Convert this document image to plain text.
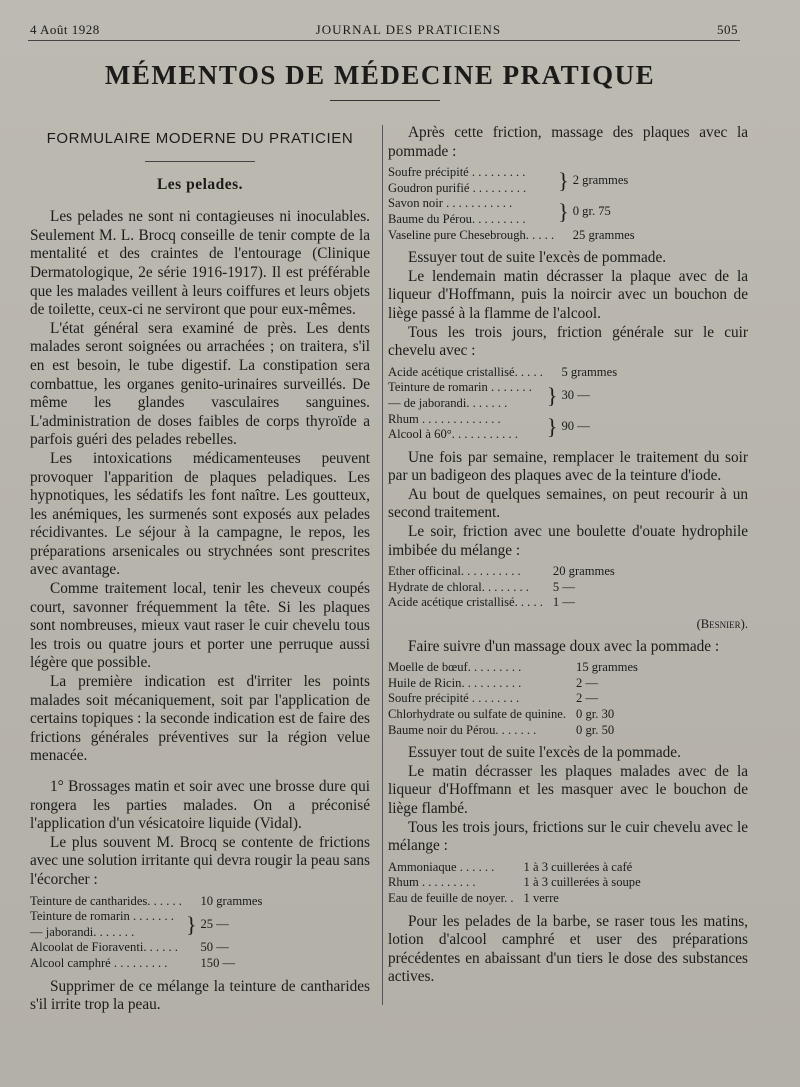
4 Août 1928	JOURNAL DES PRATICIENS	505
MÉMENTOS DE MÉDECINE PRATIQUE
FORMULAIRE MODERNE DU PRATICIEN
Les pelades.

Les pelades ne sont ni contagieuses ni inoculables. Seulement M. L. Brocq conseille de tenir compte de la mentalité et des craintes de l'entourage (Clinique Dermatologique, 2e série 1916-1917). Il est préférable que les malades veillent à leurs coiffures et leurs objets de toilette, ceux-ci ne serviront que pour eux-mêmes.

L'état général sera examiné de près. Les dents malades seront soignées ou arrachées ; on traitera, s'il en est besoin, le tube digestif. La constipation sera combattue, les organes genito-urinaires surveillés. De même les glandes vasculaires sanguines. L'administration de doses faibles de corps thyroïde a parfois guéri des pelades rebelles.

Les intoxications médicamenteuses peuvent provoquer l'apparition de plaques peladiques. Les hypnotiques, les sédatifs les font naître. Les goutteux, les anémiques, les surmenés sont exposés aux pelades récidivantes. Le séjour à la campagne, le repos, les préparations arsenicales ou strychnées sont prescrites avec avantage.

Comme traitement local, tenir les cheveux coupés court, savonner fréquemment la tête. Si les plaques sont nombreuses, mieux vaut raser le cuir chevelu tous les trois ou quatre jours et porter une perruque aussi légère que possible.

La première indication est d'irriter les points malades soit mécaniquement, soit par l'application de certains topiques : la seconde indication est de faire des frictions générales préventives sur la région velue menacée.

1° Brossages matin et soir avec une brosse dure qui rongera les parties malades. On a préconisé l'application d'un vésicatoire liquide (Vidal).

Le plus souvent M. Brocq se contente de frictions avec une solution irritante qui devra rougir la peau sans l'écorcher :

Teinture de cantharides. . . . . .		10 grammes
Teinture de romarin . . . . . . .	}	25 —
— jaborandi. . . . . . .		
Alcoolat de Fioraventi. . . . . .		50 —
Alcool camphré . . . . . . . . .		150 —

Supprimer de ce mélange la teinture de cantharides s'il irrite trop la peau.

Après cette friction, massage des plaques avec la pommade :

Soufre précipité . . . . . . . . .	}	2 grammes
Goudron purifié . . . . . . . . .		
Savon noir . . . . . . . . . . .	}	0 gr. 75
Baume du Pérou. . . . . . . . .		
Vaseline pure Chesebrough. . . . .		25 grammes

Essuyer tout de suite l'excès de pommade.

Le lendemain matin décrasser la plaque avec de la liqueur d'Hoffmann, puis la noircir avec un bouchon de liège passé à la flamme de l'alcool.

Tous les trois jours, friction générale sur le cuir chevelu avec :

Acide acétique cristallisé. . . . .		5 grammes
Teinture de romarin . . . . . . .	}	30 —
— de jaborandi. . . . . . .		
Rhum . . . . . . . . . . . . .	}	90 —
Alcool à 60°. . . . . . . . . . .		

Une fois par semaine, remplacer le traitement du soir par un badigeon des plaques avec de la teinture d'iode.

Au bout de quelques semaines, on peut recourir à un second traitement.

Le soir, friction avec une boulette d'ouate hydrophile imbibée du mélange :

Ether officinal. . . . . . . . . .		20 grammes
Hydrate de chloral. . . . . . . .		5 —
Acide acétique cristallisé. . . . .		1 —
(Besnier).

Faire suivre d'un massage doux avec la pommade :

Moelle de bœuf. . . . . . . . .		15 grammes
Huile de Ricin. . . . . . . . . .		2 —
Soufre précipité . . . . . . . .		2 —
Chlorhydrate ou sulfate de quinine.		0 gr. 30
Baume noir du Pérou. . . . . . .		0 gr. 50

Essuyer tout de suite l'excès de la pommade.

Le matin décrasser les plaques malades avec de la liqueur d'Hoffmann et les masquer avec le bouchon de liège flambé.

Tous les trois jours, frictions sur le cuir chevelu avec le mélange :

Ammoniaque . . . . . .		1 à 3 cuillerées à café
Rhum . . . . . . . . .		1 à 3 cuillerées à soupe
Eau de feuille de noyer. .		1 verre

Pour les pelades de la barbe, se raser tous les matins, lotion d'alcool camphré et user des préparations précédentes en abaissant d'un tiers le dose des substances actives.
